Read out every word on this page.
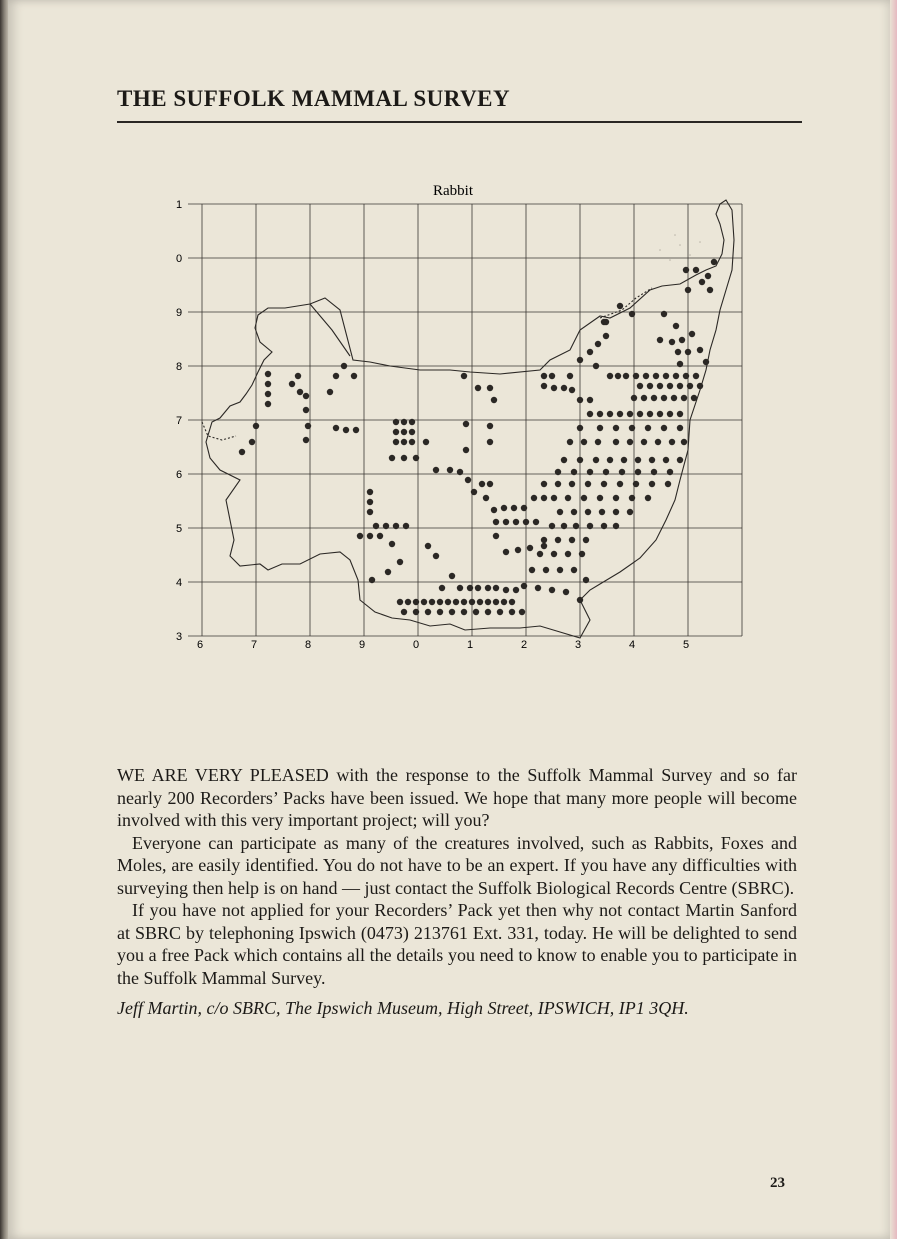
THE SUFFOLK MAMMAL SURVEY
Rabbit
1
0
9
8
7
6
5
4
3
6	7	8	9	0	1	2	3	4	5

WE ARE VERY PLEASED with the response to the Suffolk Mammal Survey and so far nearly 200 Recorders’ Packs have been issued. We hope that many more people will become involved with this very important project; will you?

Everyone can participate as many of the creatures involved, such as Rabbits, Foxes and Moles, are easily identified. You do not have to be an expert. If you have any difficulties with surveying then help is on hand — just contact the Suffolk Biological Records Centre (SBRC).

If you have not applied for your Recorders’ Pack yet then why not contact Martin Sanford at SBRC by telephoning Ipswich (0473) 213761 Ext. 331, today. He will be delighted to send you a free Pack which contains all the details you need to know to enable you to participate in the Suffolk Mammal Survey.

Jeff Martin, c/o SBRC, The Ipswich Museum, High Street, IPSWICH, IP1 3QH.

23
